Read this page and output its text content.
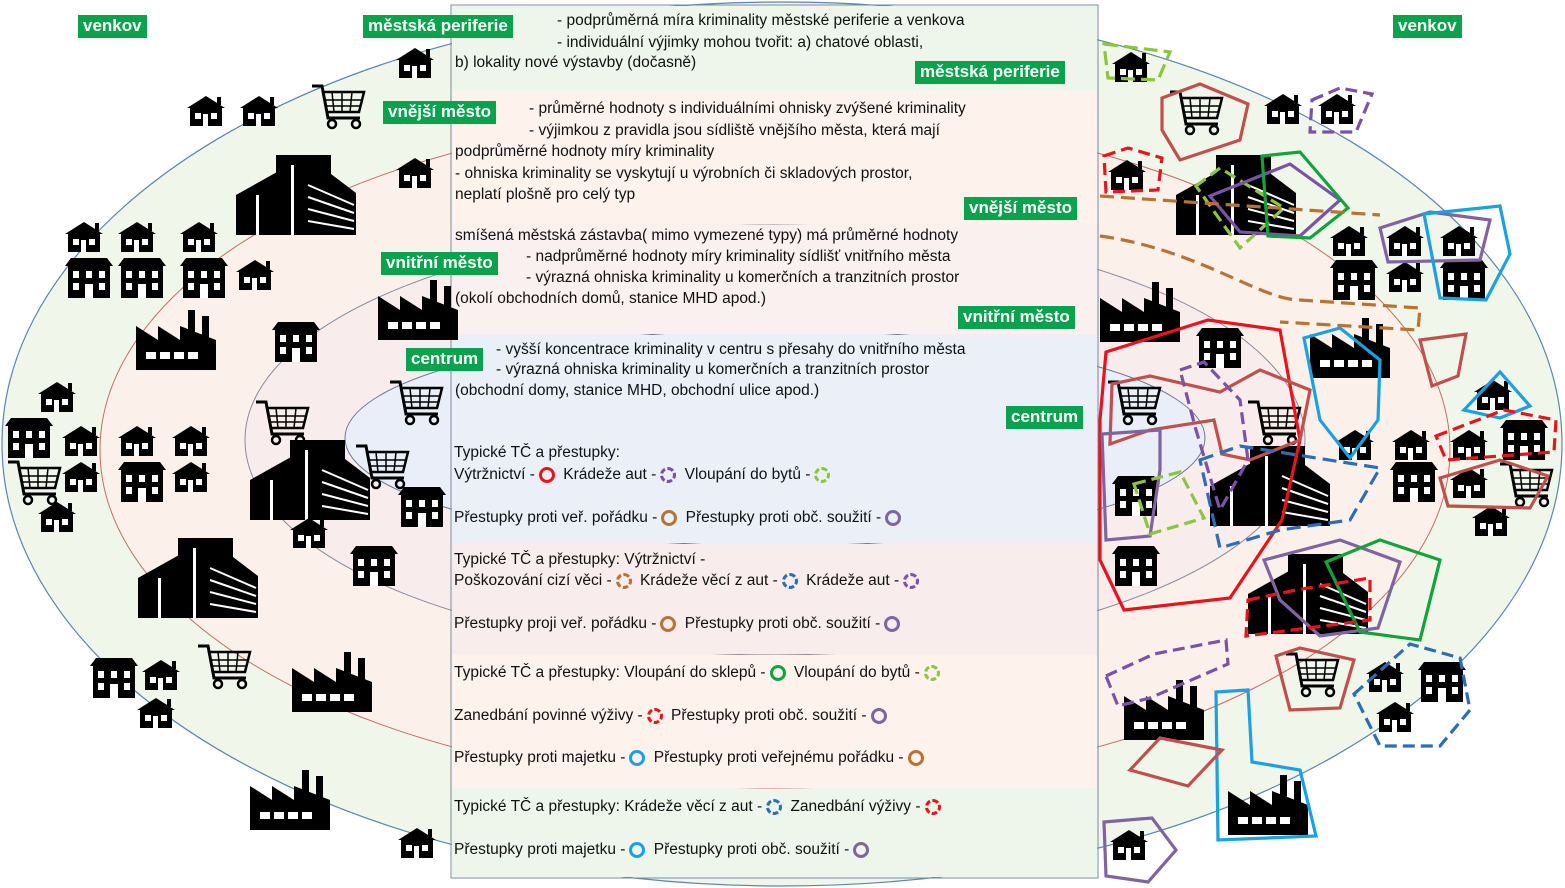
venkov	venkov
městská periferie
městská periferie
vnější město
vnější město
vnitřní město
vnitřní město
centrum
centrum
- podprůměrná míra kriminality městské periferie a venkova
- individuální výjimky mohou tvořit: a) chatové oblasti,
b) lokality nové výstavby (dočasně)
- průměrné hodnoty s individuálními ohnisky zvýšené kriminality
- výjimkou z pravidla jsou sídliště vnějšího města, která mají
podprůměrné hodnoty míry kriminality
- ohniska kriminality se vyskytují u výrobních či skladových prostor,
neplatí plošně pro celý typ
smíšená městská zástavba( mimo vymezené typy) má průměrné hodnoty
- nadprůměrné hodnoty míry kriminality sídlišť vnitřního města
- výrazná ohniska kriminality u komerčních a tranzitních prostor
(okolí obchodních domů, stanice MHD apod.)
- vyšší koncentrace kriminality v centru s přesahy do vnitřního města
- výrazná ohniska kriminality u komerčních a tranzitních prostor
(obchodní domy, stanice MHD, obchodní ulice apod.)
Typické TČ a přestupky:
Výtržnictví - Krádeže aut - Vloupání do bytů -
Přestupky proti veř. pořádku - Přestupky proti obč. soužití -
Typické TČ a přestupky: Výtržnictví -
Poškozování cizí věci - Krádeže věcí z aut - Krádeže aut -
Přestupky proji veř. pořádku - Přestupky proti obč. soužití -
Typické TČ a přestupky: Vloupání do sklepů - Vloupání do bytů -
Zanedbání povinné výživy - Přestupky proti obč. soužití -
Přestupky proti majetku - Přestupky proti veřejnému pořádku -
Typické TČ a přestupky: Krádeže věcí z aut - Zanedbání výživy -
Přestupky proti majetku - Přestupky proti obč. soužití -
